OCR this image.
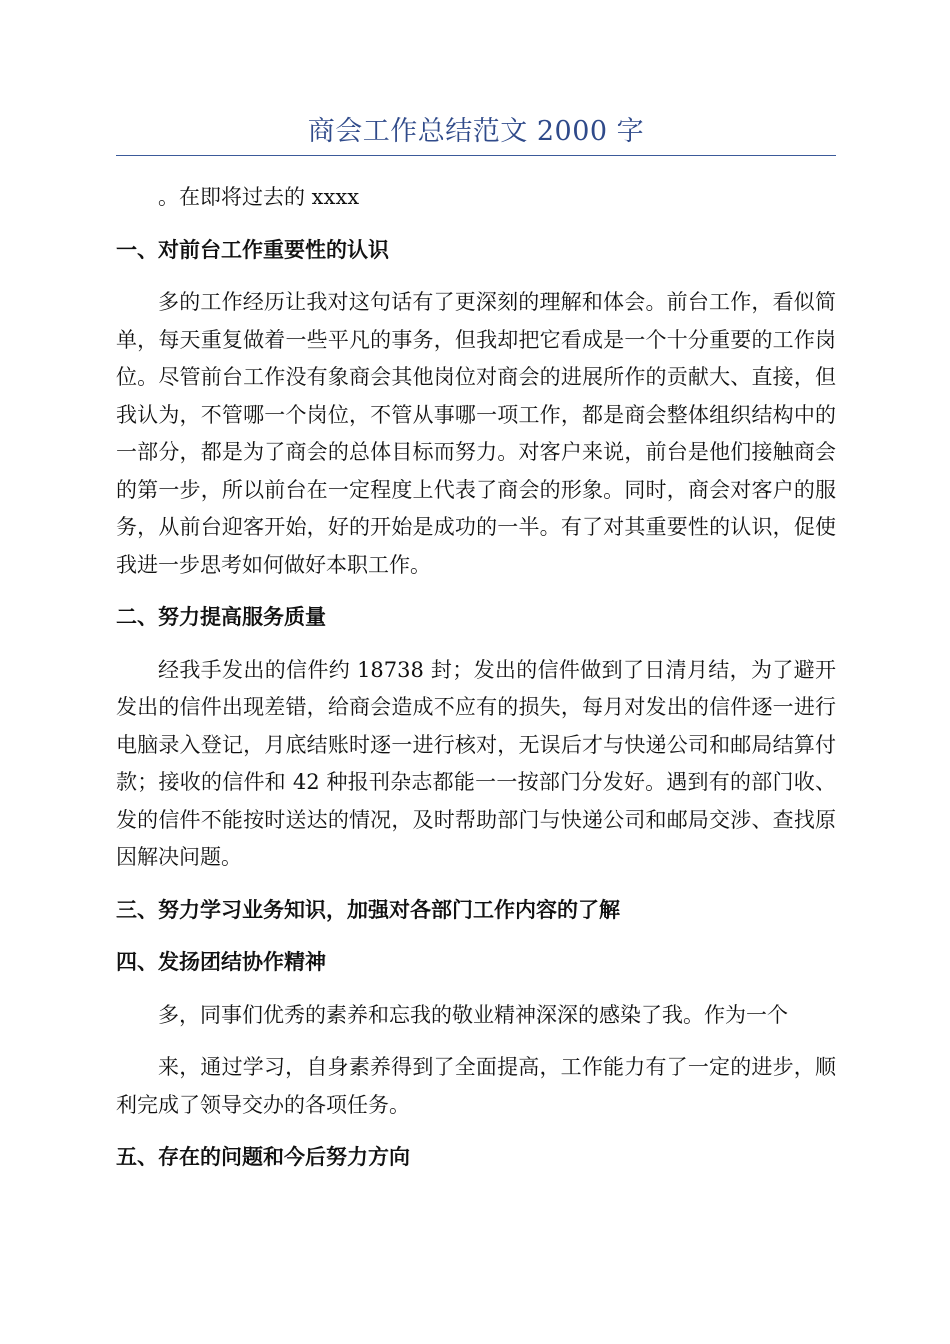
商会工作总结范文 2000 字

。在即将过去的 xxxx

一、对前台工作重要性的认识

多的工作经历让我对这句话有了更深刻的理解和体会。前台工作，看似简单，每天重复做着一些平凡的事务，但我却把它看成是一个十分重要的工作岗位。尽管前台工作没有象商会其他岗位对商会的进展所作的贡献大、直接，但我认为，不管哪一个岗位，不管从事哪一项工作，都是商会整体组织结构中的一部分，都是为了商会的总体目标而努力。对客户来说，前台是他们接触商会的第一步，所以前台在一定程度上代表了商会的形象。同时，商会对客户的服务，从前台迎客开始，好的开始是成功的一半。有了对其重要性的认识，促使我进一步思考如何做好本职工作。

二、努力提高服务质量

经我手发出的信件约 18738 封；发出的信件做到了日清月结，为了避开发出的信件出现差错，给商会造成不应有的损失，每月对发出的信件逐一进行电脑录入登记，月底结账时逐一进行核对，无误后才与快递公司和邮局结算付款；接收的信件和 42 种报刊杂志都能一一按部门分发好。遇到有的部门收、发的信件不能按时送达的情况，及时帮助部门与快递公司和邮局交涉、查找原因解决问题。

三、努力学习业务知识，加强对各部门工作内容的了解

四、发扬团结协作精神

多，同事们优秀的素养和忘我的敬业精神深深的感染了我。作为一个

来，通过学习，自身素养得到了全面提高，工作能力有了一定的进步，顺利完成了领导交办的各项任务。

五、存在的问题和今后努力方向
